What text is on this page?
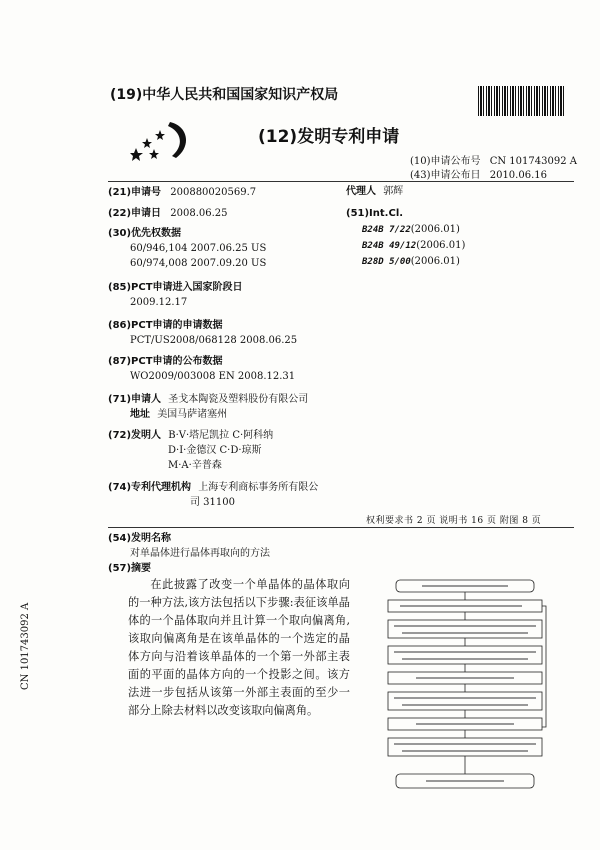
(19)中华人民共和国国家知识产权局
(12)发明专利申请
(10)申请公布号 CN 101743092 A
(43)申请公布日 2010.06.16
(21)申请号 200880020569.7
(22)申请日 2008.06.25
(30)优先权数据
60/946,104 2007.06.25 US
60/974,008 2007.09.20 US
(85)PCT申请进入国家阶段日
2009.12.17
(86)PCT申请的申请数据
PCT/US2008/068128 2008.06.25
(87)PCT申请的公布数据
WO2009/003008 EN 2008.12.31
(71)申请人 圣戈本陶瓷及塑料股份有限公司
地址 美国马萨诸塞州
(72)发明人 B·V·塔尼凯拉 C·阿科纳
D·I·金德汉 C·D·琼斯
M·A·辛普森
(74)专利代理机构 上海专利商标事务所有限公
司 31100
代理人 郭辉
(51)Int.Cl.
B24B 7/22(2006.01)
B24B 49/12(2006.01)
B28D 5/00(2006.01)
权利要求书 2 页 说明书 16 页 附图 8 页
(54)发明名称
对单晶体进行晶体再取向的方法
(57)摘要
在此披露了改变一个单晶体的晶体取向的一种方法,该方法包括以下步骤:表征该单晶体的一个晶体取向并且计算一个取向偏离角,该取向偏离角是在该单晶体的一个选定的晶体方向与沿着该单晶体的一个第一外部主表面的平面的晶体方向的一个投影之间。该方法进一步包括从该第一外部主表面的至少一部分上除去材料以改变该取向偏离角。
CN 101743092 A
